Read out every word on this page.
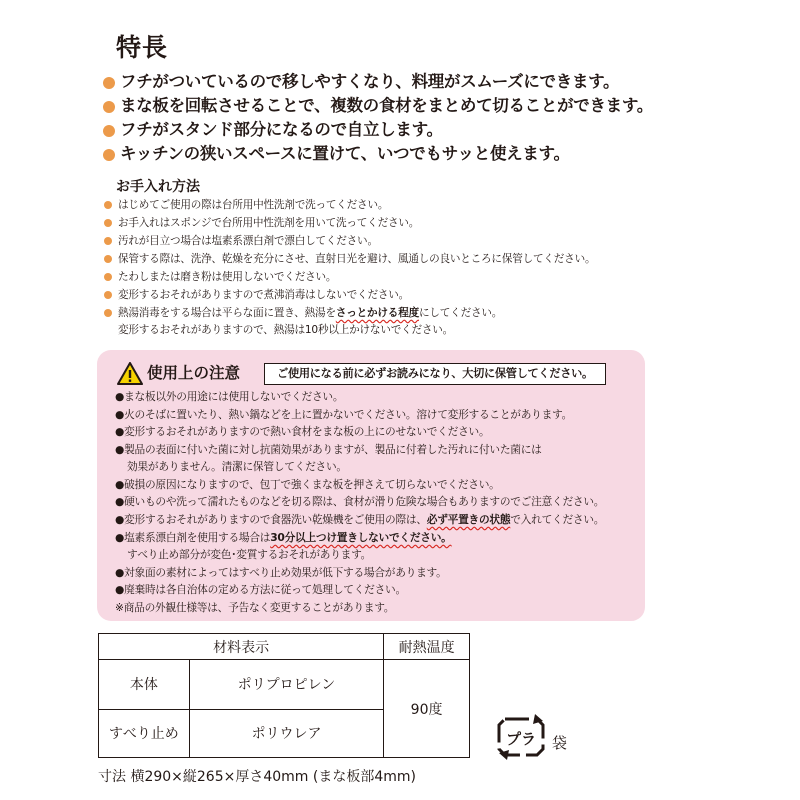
特長
フチがついているので移しやすくなり、料理がスムーズにできます。
まな板を回転させることで、複数の食材をまとめて切ることができます。
フチがスタンド部分になるので自立します。
キッチンの狭いスペースに置けて、いつでもサッと使えます。
お手入れ方法
はじめてご使用の際は台所用中性洗剤で洗ってください。
お手入れはスポンジで台所用中性洗剤を用いて洗ってください。
汚れが目立つ場合は塩素系漂白剤で漂白してください。
保管する際は、洗浄、乾燥を充分にさせ、直射日光を避け、風通しの良いところに保管してください。
たわしまたは磨き粉は使用しないでください。
変形するおそれがありますので煮沸消毒はしないでください。
熱湯消毒をする場合は平らな面に置き、熱湯をさっとかける程度にしてください。
変形するおそれがありますので、熱湯は10秒以上かけないでください。
使用上の注意	ご使用になる前に必ずお読みになり、大切に保管してください。
●まな板以外の用途には使用しないでください。
●火のそばに置いたり、熱い鍋などを上に置かないでください。溶けて変形することがあります。
●変形するおそれがありますので熱い食材をまな板の上にのせないでください。
●製品の表面に付いた菌に対し抗菌効果がありますが、製品に付着した汚れに付いた菌には
効果がありません。清潔に保管してください。
●破損の原因になりますので、包丁で強くまな板を押さえて切らないでください。
●硬いものや洗って濡れたものなどを切る際は、食材が滑り危険な場合もありますのでご注意ください。
●変形するおそれがありますので食器洗い乾燥機をご使用の際は、必ず平置きの状態で入れてください。
●塩素系漂白剤を使用する場合は30分以上つけ置きしないでください。
すべり止め部分が変色･変質するおそれがあります。
●対象面の素材によってはすべり止め効果が低下する場合があります。
●廃棄時は各自治体の定める方法に従って処理してください。
※商品の外観仕様等は、予告なく変更することがあります。
材料表示		耐熱温度
本体	ポリプロピレン	90度
すべり止め	ポリウレア		プラ 袋
寸法 横290×縦265×厚さ40mm (まな板部4mm)
